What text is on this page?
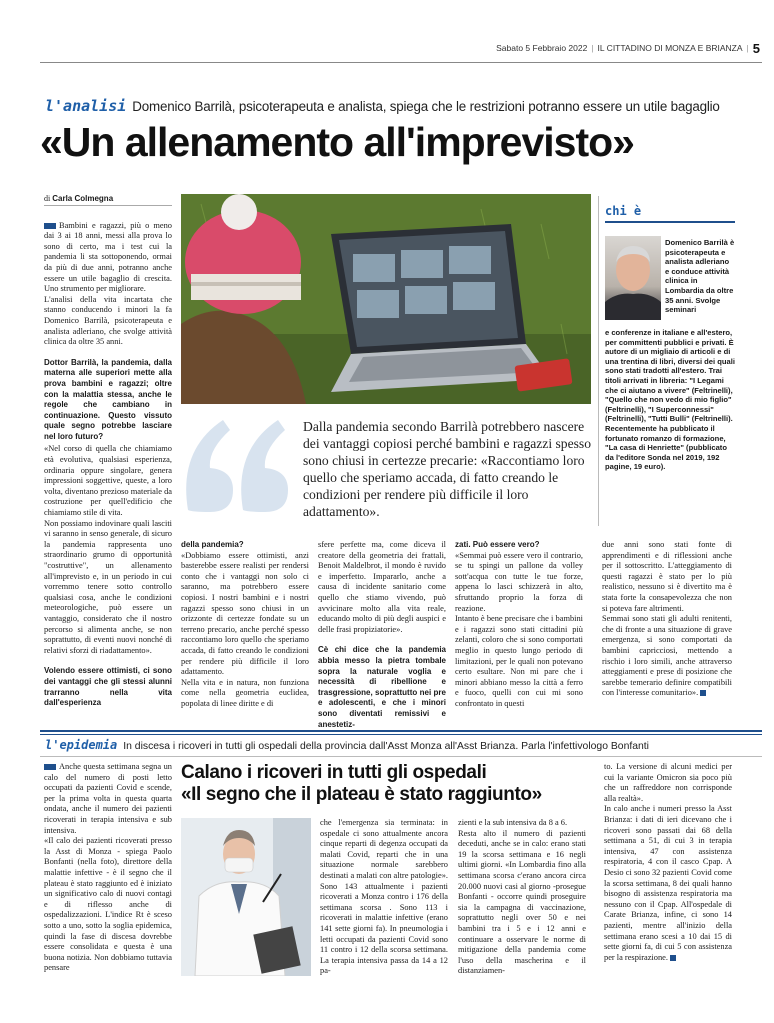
Sabato 5 Febbraio 2022 | IL CITTADINO DI MONZA E BRIANZA | 5
l'analisi Domenico Barrilà, psicoterapeuta e analista, spiega che le restrizioni potranno essere un utile bagaglio
«Un allenamento all'imprevisto»
di Carla Colmegna

Bambini e ragazzi, più o meno dai 3 ai 18 anni, messi alla prova lo sono di certo, ma i test cui la pandemia li sta sottoponendo, ormai da più di due anni, potranno anche essere un utile bagaglio di crescita. Uno strumento per migliorare.
L'analisi della vita incartata che stanno conducendo i minori la fa Domenico Barrilà, psicoterapeuta e analista adleriano, che svolge attività clinica da oltre 35 anni.

Dottor Barrilà, la pandemia, dalla materna alle superiori mette alla prova bambini e ragazzi; oltre con la malattia stessa, anche le regole che cambiano in continuazione. Questo vissuto quale segno potrebbe lasciare nel loro futuro?
«Nel corso di quella che chiamiamo età evolutiva, qualsiasi esperienza, ordinaria oppure singolare, genera impressioni soggettive, queste, a loro volta, diventano prezioso materiale da costruzione per quell'edificio che chiamiamo stile di vita.
Non possiamo indovinare quali lasciti vi saranno in senso generale, di sicuro la pandemia rappresenta uno straordinario grumo di opportunità "costruttive", un allenamento all'imprevisto e, in un periodo in cui vorremmo tenere sotto controllo qualsiasi cosa, anche le condizioni meteorologiche, può essere un vantaggio, considerato che il nostro percorso si alimenta anche, se non soprattutto, di eventi nuovi nonché di relativi sforzi di riadattamento».
Volendo essere ottimisti, ci sono dei vantaggi che gli stessi alunni trarranno nella vita dall'esperienza
Dalla pandemia secondo Barrilà potrebbero nascere dei vantaggi copiosi perché bambini e ragazzi spesso sono chiusi in certezze precarie: «Raccontiamo loro quello che speriamo accada, di fatto creando le condizioni per rendere più difficile il loro adattamento».
della pandemia?
«Dobbiamo essere ottimisti, anzi basterebbe essere realisti per rendersi conto che i vantaggi non solo ci saranno, ma potrebbero essere copiosi. I nostri bambini e i nostri ragazzi spesso sono chiusi in un orizzonte di certezze fondate su un terreno precario, anche perché spesso raccontiamo loro quello che speriamo accada, di fatto creando le condizioni per rendere più difficile il loro adattamento.
Nella vita e in natura, non funziona come nella geometria euclidea, popolata di linee diritte e di
sfere perfette ma, come diceva il creatore della geometria dei frattali, Benoit Maldelbrot, il mondo è ruvido e imperfetto. Impararlo, anche a causa di incidente sanitario come quello che stiamo vivendo, può avvicinare molto alla vita reale, educando molto di più degli auspici e delle frasi propiziatorie».
Cè chi dice che la pandemia abbia messo la pietra tombale sopra la naturale voglia e necessità di ribellione e trasgressione, soprattutto nei pre e adolescenti, e che i minori sono diventati remissivi e anestetiz-
zati. Può essere vero?
«Semmai può essere vero il contrario, se tu spingi un pallone da volley sott'acqua con tutte le tue forze, appena lo lasci schizzerà in alto, sfruttando proprio la forza di reazione.
Intanto è bene precisare che i bambini e i ragazzi sono stati cittadini più zelanti, coloro che si sono comportati meglio in questo lungo periodo di limitazioni, per le quali non potevano certo esultare. Non mi pare che i minori abbiano messo la città a ferro e fuoco, quelli con cui mi sono confrontato in questi
due anni sono stati fonte di apprendimenti e di riflessioni anche per il sottoscritto. L'atteggiamento di questi ragazzi è stato per lo più realistico, nessuno si è divertito ma è stata forte la consapevolezza che non si poteva fare altrimenti.
Semmai sono stati gli adulti renitenti, che di fronte a una situazione di grave emergenza, si sono comportati da bambini capricciosi, mettendo a rischio i loro simili, anche attraverso atteggiamenti e prese di posizione che sarebbe temerario definire compatibili con l'interesse comunitario».
chi è
Domenico Barrilà è psicoterapeuta e analista adleriano e conduce attività clinica in Lombardia da oltre 35 anni. Svolge seminari
e conferenze in italiane e all'estero, per committenti pubblici e privati. È autore di un migliaio di articoli e di una trentina di libri, diversi dei quali sono stati tradotti all'estero. Trai titoli arrivati in libreria: "I Legami che ci aiutano a vivere" (Feltrinelli), "Quello che non vedo di mio figlio" (Feltrinelli), "I Superconnessi" (Feltrinelli), "Tutti Bulli" (Feltrinelli). Recentemente ha pubblicato il fortunato romanzo di formazione, "La casa di Henriette" (pubblicato da l'editore Sonda nel 2019, 192 pagine, 19 euro).
l'epidemia In discesa i ricoveri in tutti gli ospedali della provincia dall'Asst Monza all'Asst Brianza. Parla l'infettivologo Bonfanti
Calano i ricoveri in tutti gli ospedali
«Il segno che il plateau è stato raggiunto»
Anche questa settimana segna un calo del numero di posti letto occupati da pazienti Covid e scende, per la prima volta in questa quarta ondata, anche il numero dei pazienti ricoverati in terapia intensiva e sub intensiva.
«Il calo dei pazienti ricoverati presso la Asst di Monza - spiega Paolo Bonfanti (nella foto), direttore della malattie infettive - è il segno che il plateau è stato raggiunto ed è iniziato un significativo calo di nuovi contagi e di riflesso anche di ospedalizzazioni. L'indice Rt è sceso sotto a uno, sotto la soglia epidemica, quindi la fase di discesa dovrebbe essere consolidata e questa è una buona notizia. Non dobbiamo tuttavia pensare
che l'emergenza sia terminata: in ospedale ci sono attualmente ancora cinque reparti di degenza occupati da malati Covid, reparti che in una situazione normale sarebbero destinati a malati con altre patologie». Sono 143 attualmente i pazienti ricoverati a Monza contro i 176 della settimana scorsa . Sono 113 i ricoverati in malattie infettive (erano 141 sette giorni fa). In pneumologia i letti occupati da pazienti Covid sono 11 contro i 12 della scorsa settimana. La terapia intensiva passa da 14 a 12 pa-
zienti e la sub intensiva da 8 a 6.
Resta alto il numero di pazienti deceduti, anche se in calo: erano stati 19 la scorsa settimana e 16 negli ultimi giorni. «In Lombardia fino alla settimana scorsa c'erano ancora circa 20.000 nuovi casi al giorno -prosegue Bonfanti - occorre quindi proseguire sia la campagna di vaccinazione, soprattutto negli over 50 e nei bambini tra i 5 e i 12 anni e continuare a osservare le norme di mitigazione della pandemia come l'uso della mascherina e il distanziamen-
to. La versione di alcuni medici per cui la variante Omicron sia poco più che un raffreddore non corrisponde alla realtà».
In calo anche i numeri presso la Asst Brianza: i dati di ieri dicevano che i ricoveri sono passati dai 68 della settimana a 51, di cui 3 in terapia intensiva, 47 con assistenza respiratoria, 4 con il casco Cpap. A Desio ci sono 32 pazienti Covid come la scorsa settimana, 8 dei quali hanno bisogno di assistenza respiratoria ma nessuno con il Cpap. All'ospedale di Carate Brianza, infine, ci sono 14 pazienti, mentre all'inizio della settimana erano scesi a 10 dai 15 di sette giorni fa, di cui 5 con assistenza per la respirazione.
